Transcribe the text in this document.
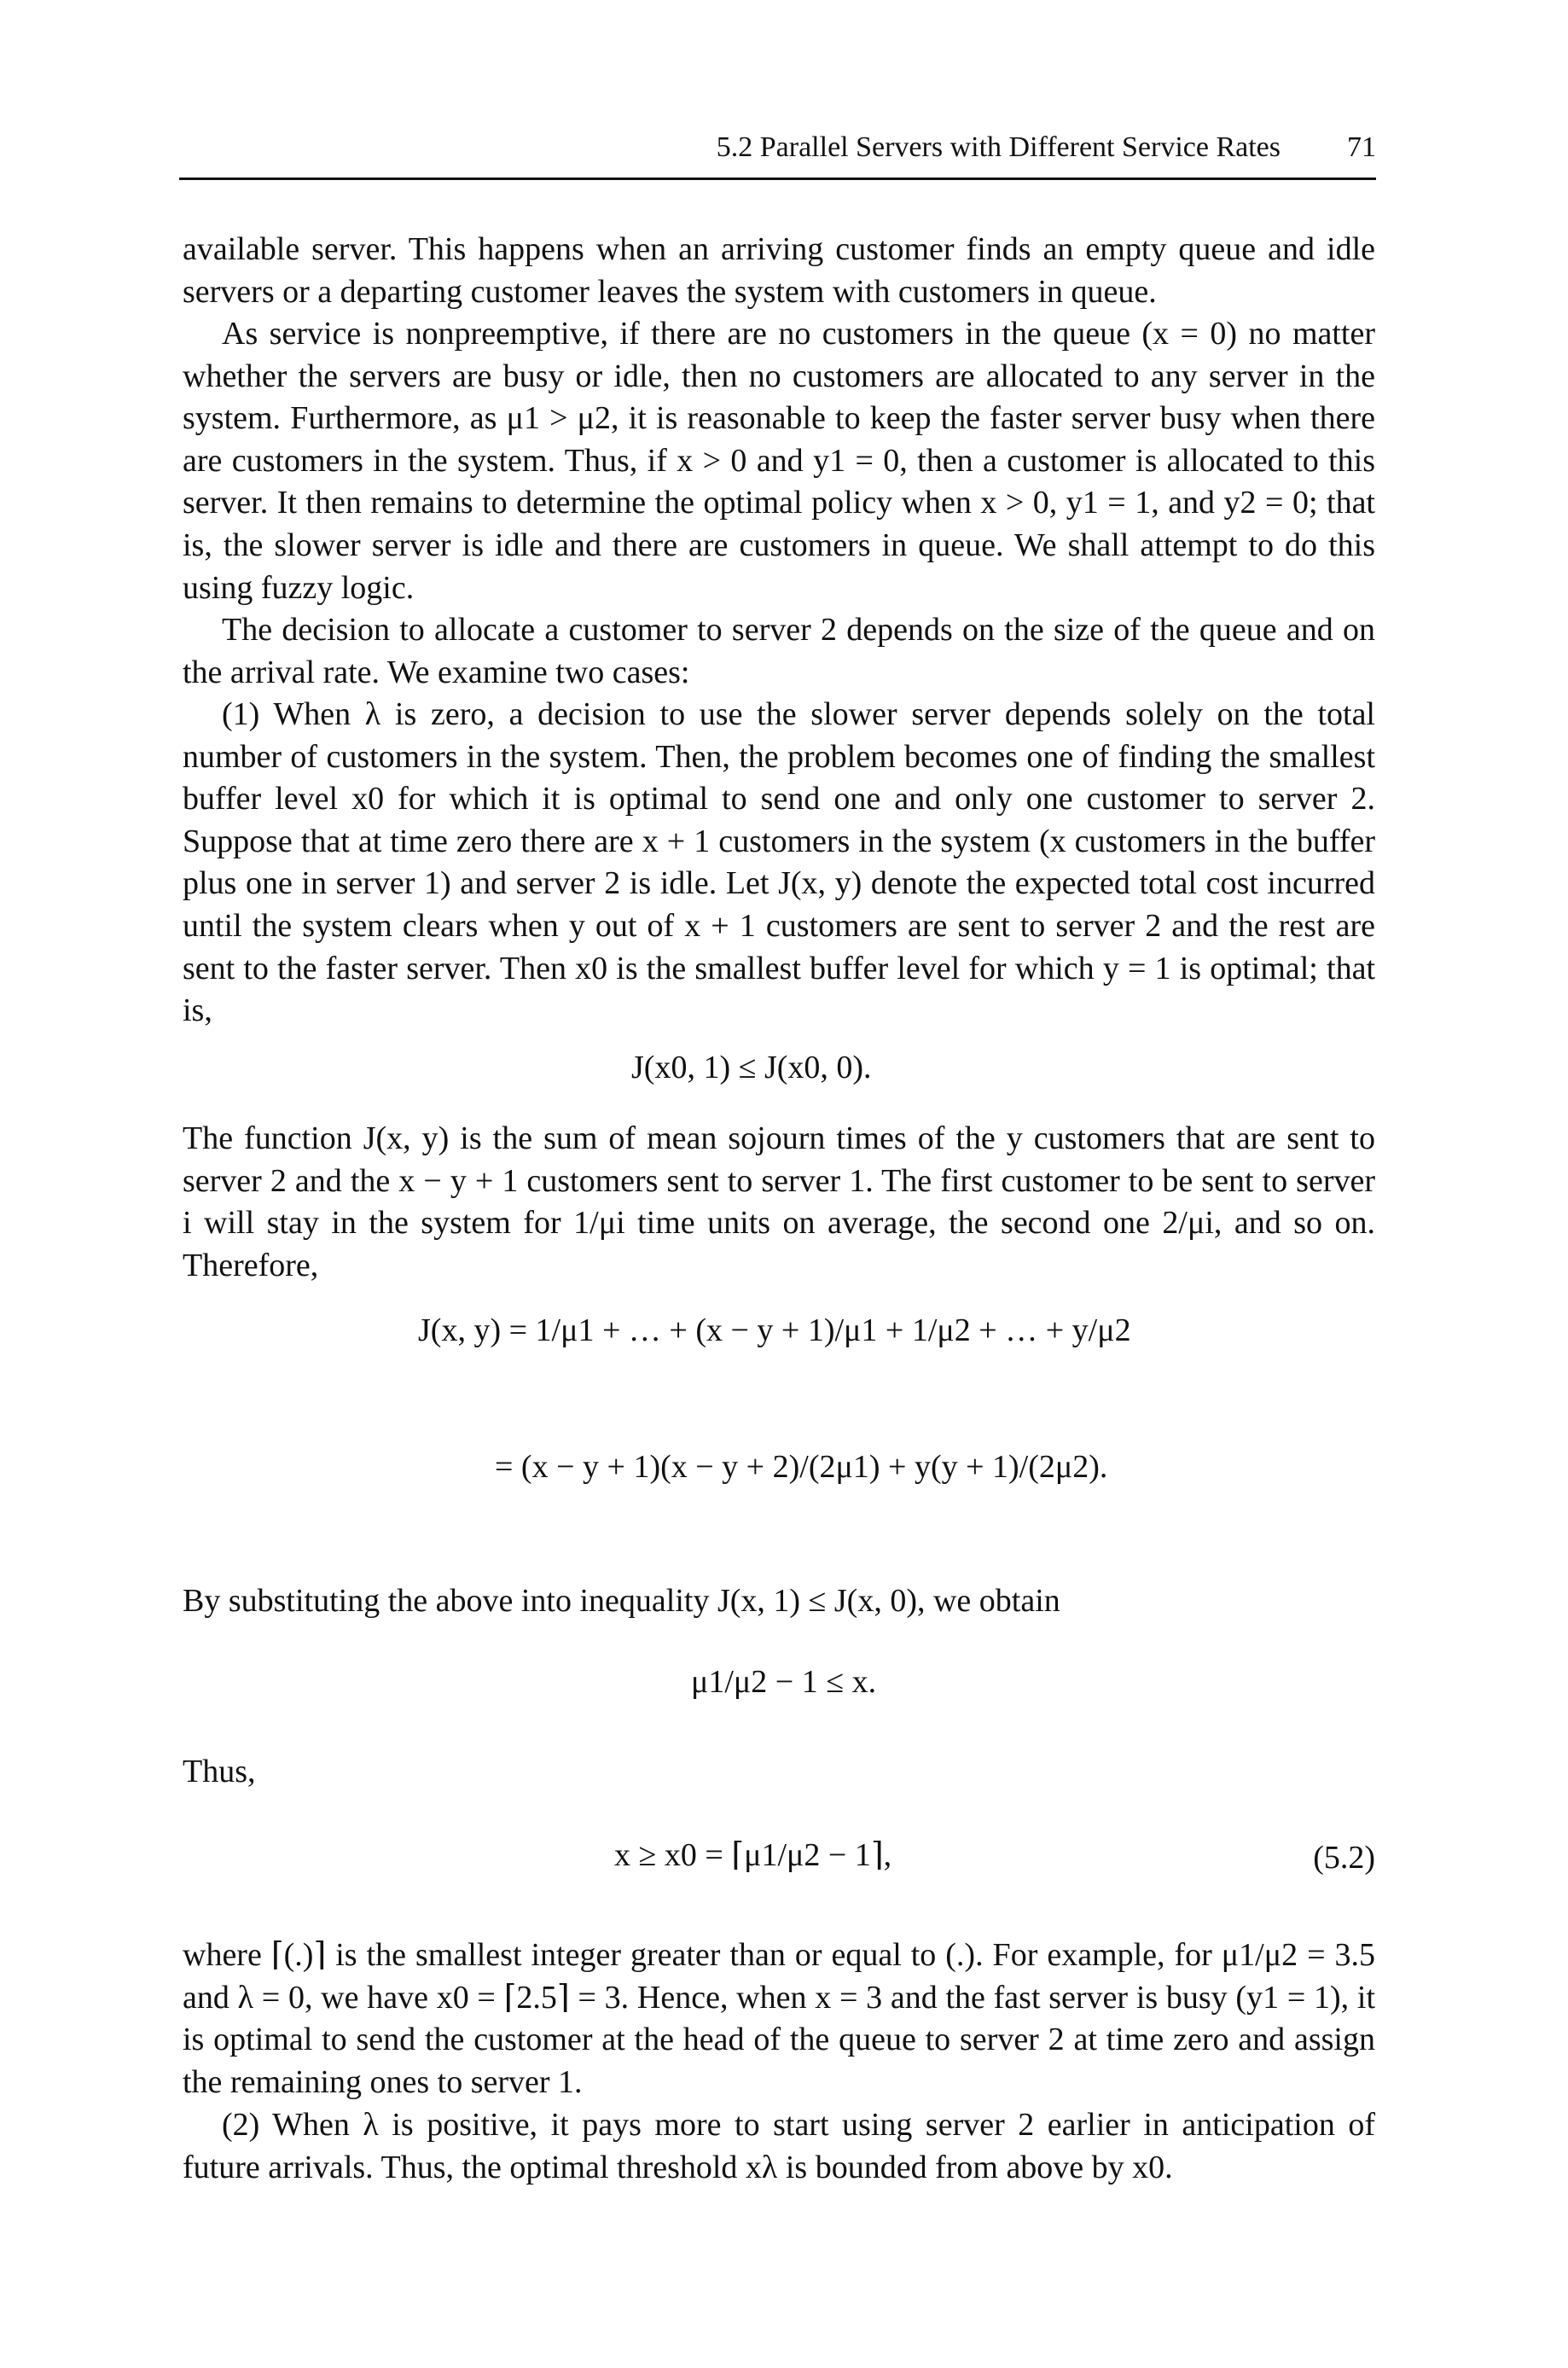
5.2 Parallel Servers with Different Service Rates 71

available server. This happens when an arriving customer finds an empty queue and idle servers or a departing customer leaves the system with customers in queue.

As service is nonpreemptive, if there are no customers in the queue (x = 0) no matter whether the servers are busy or idle, then no customers are allocated to any server in the system. Furthermore, as μ1 > μ2, it is reasonable to keep the faster server busy when there are customers in the system. Thus, if x > 0 and y1 = 0, then a customer is allocated to this server. It then remains to determine the optimal policy when x > 0, y1 = 1, and y2 = 0; that is, the slower server is idle and there are customers in queue. We shall attempt to do this using fuzzy logic.

The decision to allocate a customer to server 2 depends on the size of the queue and on the arrival rate. We examine two cases:

(1) When λ is zero, a decision to use the slower server depends solely on the total number of customers in the system. Then, the problem becomes one of finding the smallest buffer level x0 for which it is optimal to send one and only one customer to server 2. Suppose that at time zero there are x + 1 customers in the system (x customers in the buffer plus one in server 1) and server 2 is idle. Let J(x, y) denote the expected total cost incurred until the system clears when y out of x + 1 customers are sent to server 2 and the rest are sent to the faster server. Then x0 is the smallest buffer level for which y = 1 is optimal; that is,

J(x0, 1) ≤ J(x0, 0).

The function J(x, y) is the sum of mean sojourn times of the y customers that are sent to server 2 and the x − y + 1 customers sent to server 1. The first customer to be sent to server i will stay in the system for 1/μi time units on average, the second one 2/μi, and so on. Therefore,

J(x, y) = 1/μ1 + … + (x − y + 1)/μ1 + 1/μ2 + … + y/μ2
= (x − y + 1)(x − y + 2)/(2μ1) + y(y + 1)/(2μ2).

By substituting the above into inequality J(x, 1) ≤ J(x, 0), we obtain

μ1/μ2 − 1 ≤ x.

Thus,

x ≥ x0 = ⌈μ1/μ2 − 1⌉,	(5.2)

where ⌈(.)⌉ is the smallest integer greater than or equal to (.). For example, for μ1/μ2 = 3.5 and λ = 0, we have x0 = ⌈2.5⌉ = 3. Hence, when x = 3 and the fast server is busy (y1 = 1), it is optimal to send the customer at the head of the queue to server 2 at time zero and assign the remaining ones to server 1.

(2) When λ is positive, it pays more to start using server 2 earlier in anticipation of future arrivals. Thus, the optimal threshold xλ is bounded from above by x0.
